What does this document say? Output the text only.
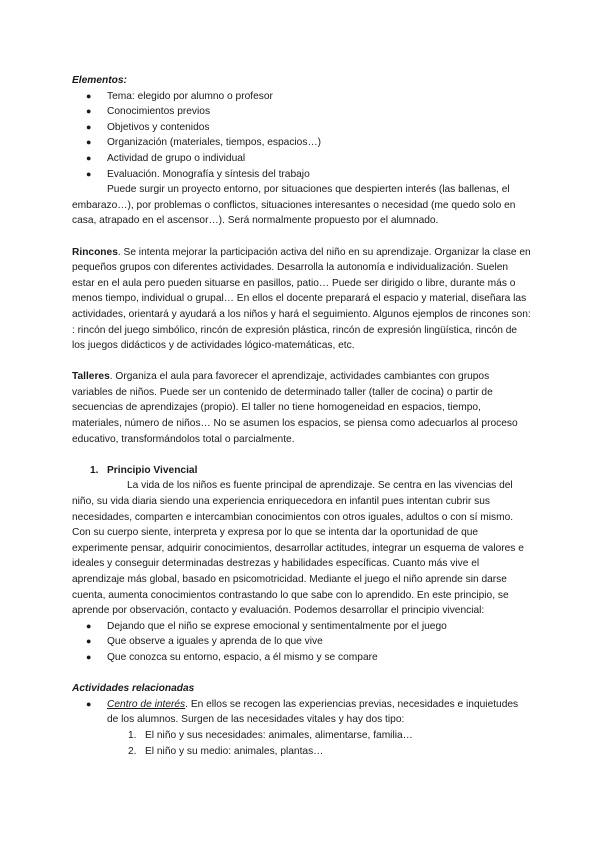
Elementos:

● Tema: elegido por alumno o profesor
● Conocimientos previos
● Objetivos y contenidos
● Organización (materiales, tiempos, espacios…)
● Actividad de grupo o individual
● Evaluación. Monografía y síntesis del trabajo

Puede surgir un proyecto entorno, por situaciones que despierten interés (las ballenas, el embarazo…), por problemas o conflictos, situaciones interesantes o necesidad (me quedo solo en casa, atrapado en el ascensor…). Será normalmente propuesto por el alumnado.

Rincones. Se intenta mejorar la participación activa del niño en su aprendizaje. Organizar la clase en pequeños grupos con diferentes actividades. Desarrolla la autonomía e individualización. Suelen estar en el aula pero pueden situarse en pasillos, patio… Puede ser dirigido o libre, durante más o menos tiempo, individual o grupal… En ellos el docente preparará el espacio y material, diseñara las actividades, orientará y ayudará a los niños y hará el seguimiento. Algunos ejemplos de rincones son: : rincón del juego simbólico, rincón de expresión plástica, rincón de expresión lingüística, rincón de los juegos didácticos y de actividades lógico-matemáticas, etc.

Talleres. Organiza el aula para favorecer el aprendizaje, actividades cambiantes con grupos variables de niños. Puede ser un contenido de determinado taller (taller de cocina) o partir de secuencias de aprendizajes (propio). El taller no tiene homogeneidad en espacios, tiempo, materiales, número de niños… No se asumen los espacios, se piensa como adecuarlos al proceso educativo, transformándolos total o parcialmente.

1. Principio Vivencial

La vida de los niños es fuente principal de aprendizaje. Se centra en las vivencias del niño, su vida diaria siendo una experiencia enriquecedora en infantil pues intentan cubrir sus necesidades, comparten e intercambian conocimientos con otros iguales, adultos o con sí mismo. Con su cuerpo siente, interpreta y expresa por lo que se intenta dar la oportunidad de que experimente pensar, adquirir conocimientos, desarrollar actitudes, integrar un esquema de valores e ideales y conseguir determinadas destrezas y habilidades específicas. Cuanto más vive el aprendizaje más global, basado en psicomotricidad. Mediante el juego el niño aprende sin darse cuenta, aumenta conocimientos contrastando lo que sabe con lo aprendido. En este principio, se aprende por observación, contacto y evaluación. Podemos desarrollar el principio vivencial:

● Dejando que el niño se exprese emocional y sentimentalmente por el juego
● Que observe a iguales y aprenda de lo que vive
● Que conozca su entorno, espacio, a él mismo y se compare

Actividades relacionadas

● Centro de interés. En ellos se recogen las experiencias previas, necesidades e inquietudes de los alumnos. Surgen de las necesidades vitales y hay dos tipo:
1. El niño y sus necesidades: animales, alimentarse, familia…
2. El niño y su medio: animales, plantas…
